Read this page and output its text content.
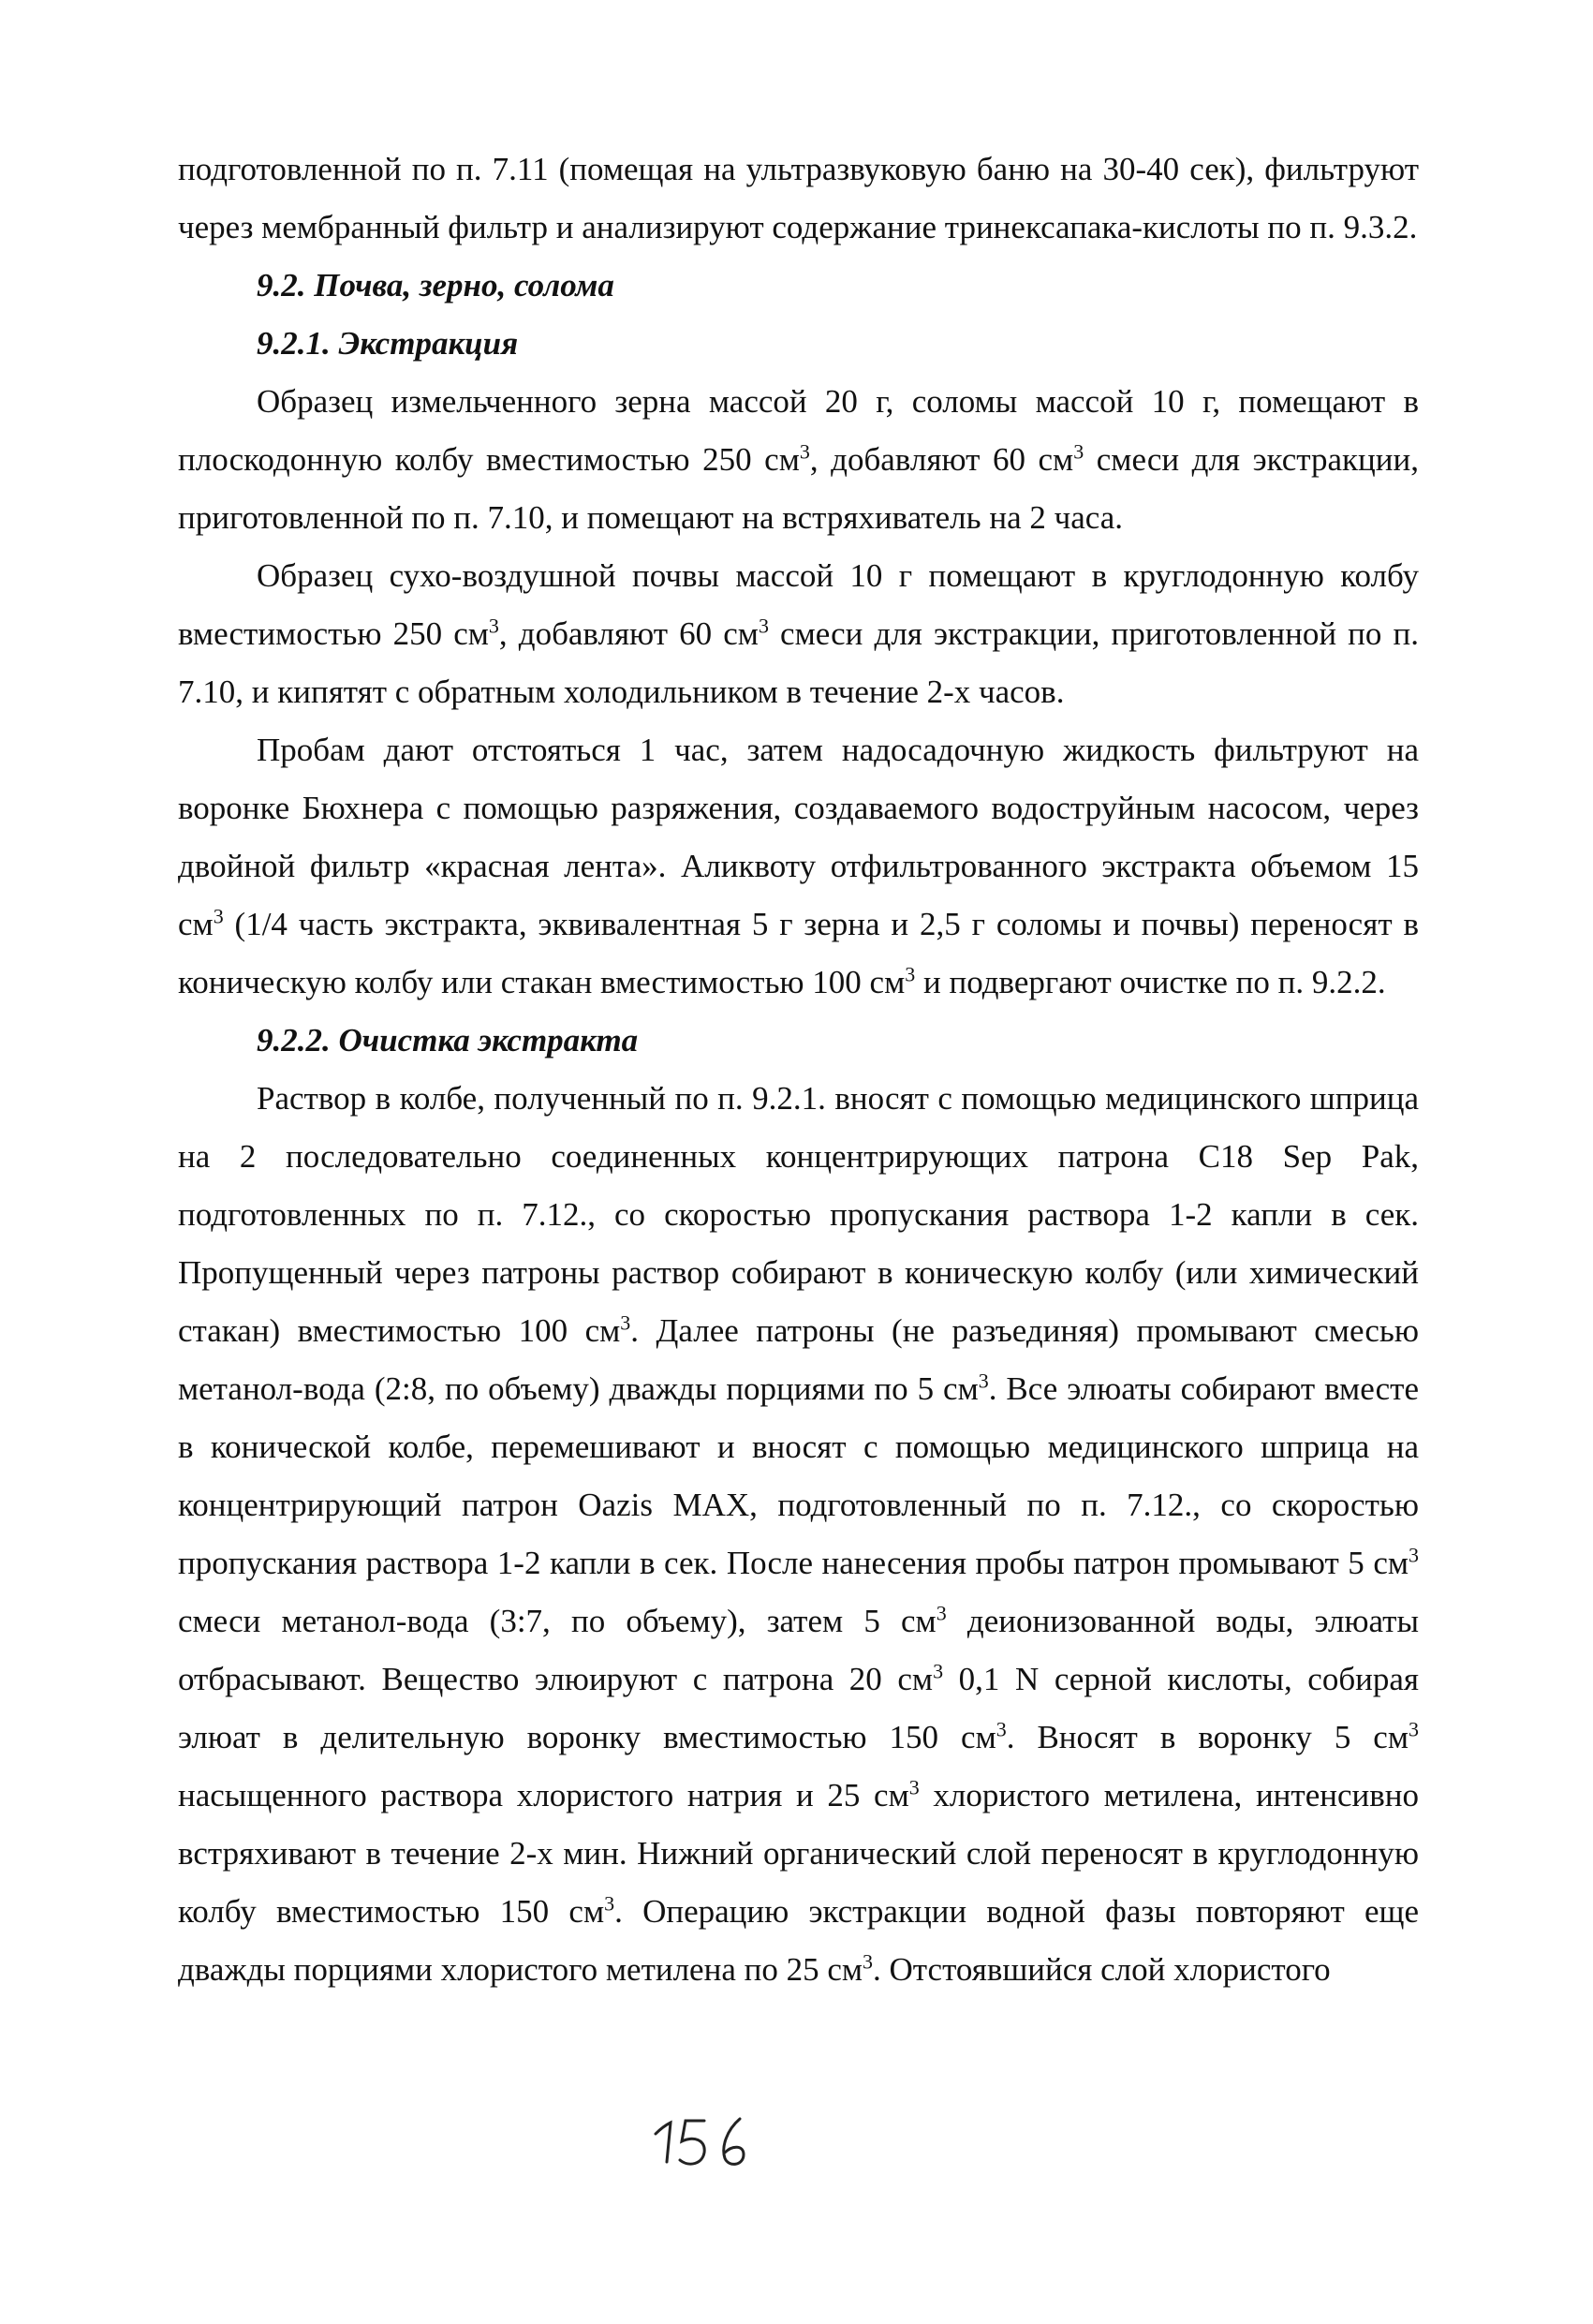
подготовленной по п. 7.11 (помещая на ультразвуковую баню на 30-40 сек), фильтруют через мембранный фильтр и анализируют содержание тринексапака-кислоты по п. 9.3.2.

9.2. Почва, зерно, солома

9.2.1. Экстракция

Образец измельченного зерна массой 20 г, соломы массой 10 г, помещают в плоскодонную колбу вместимостью 250 $см^3$, добавляют 60 $см^3$ смеси для экстракции, приготовленной по п. 7.10, и помещают на встряхиватель на 2 часа.

Образец сухо-воздушной почвы массой 10 г помещают в круглодонную колбу вместимостью 250 $см^3$, добавляют 60 $см^3$ смеси для экстракции, приготовленной по п. 7.10, и кипятят с обратным холодильником в течение 2-х часов.

Пробам дают отстояться 1 час, затем надосадочную жидкость фильтруют на воронке Бюхнера с помощью разряжения, создаваемого водоструйным насосом, через двойной фильтр «красная лента». Аликвоту отфильтрованного экстракта объемом 15 $см^3$ (1/4 часть экстракта, эквивалентная 5 г зерна и 2,5 г соломы и почвы) переносят в коническую колбу или стакан вместимостью 100 $см^3$ и подвергают очистке по п. 9.2.2.

9.2.2. Очистка экстракта

Раствор в колбе, полученный по п. 9.2.1. вносят с помощью медицинского шприца на 2 последовательно соединенных концентрирующих патрона C18 Sep Pak, подготовленных по п. 7.12., со скоростью пропускания раствора 1-2 капли в сек. Пропущенный через патроны раствор собирают в коническую колбу (или химический стакан) вместимостью 100 $см^3$. Далее патроны (не разъединяя) промывают смесью метанол-вода (2:8, по объему) дважды порциями по 5 $см^3$. Все элюаты собирают вместе в конической колбе, перемешивают и вносят с помощью медицинского шприца на концентрирующий патрон Oazis MAX, подготовленный по п. 7.12., со скоростью пропускания раствора 1-2 капли в сек. После нанесения пробы патрон промывают 5 $см^3$ смеси метанол-вода (3:7, по объему), затем 5 $см^3$ деионизованной воды, элюаты отбрасывают. Вещество элюируют с патрона 20 $см^3$ 0,1 N серной кислоты, собирая элюат в делительную воронку вместимостью 150 $см^3$. Вносят в воронку 5 $см^3$ насыщенного раствора хлористого натрия и 25 $см^3$ хлористого метилена, интенсивно встряхивают в течение 2-х мин. Нижний органический слой переносят в круглодонную колбу вместимостью 150 $см^3$. Операцию экстракции водной фазы повторяют еще дважды порциями хлористого метилена по 25 $см^3$. Отстоявшийся слой хлористого
